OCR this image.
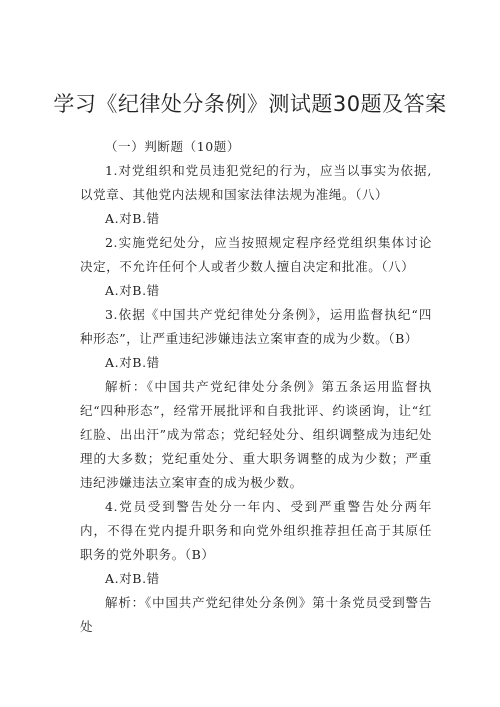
学习《纪律处分条例》测试题30题及答案

（一）判断题（10题）

1.对党组织和党员违犯党纪的行为，应当以事实为依据,以党章、其他党内法规和国家法律法规为准绳。（八）

A.对B.错

2.实施党纪处分，应当按照规定程序经党组织集体讨论决定，不允许任何个人或者少数人擅自决定和批准。（八）

A.对B.错

3.依据《中国共产党纪律处分条例》，运用监督执纪“四种形态”，让严重违纪涉嫌违法立案审查的成为少数。（B）

A.对B.错

解析：《中国共产党纪律处分条例》第五条运用监督执纪“四种形态”，经常开展批评和自我批评、约谈函询，让“红红脸、出出汗”成为常态；党纪轻处分、组织调整成为违纪处理的大多数；党纪重处分、重大职务调整的成为少数；严重违纪涉嫌违法立案审查的成为极少数。

4.党员受到警告处分一年内、受到严重警告处分两年内，不得在党内提升职务和向党外组织推荐担任高于其原任职务的党外职务。（B）

A.对B.错

解析：《中国共产党纪律处分条例》第十条党员受到警告处
